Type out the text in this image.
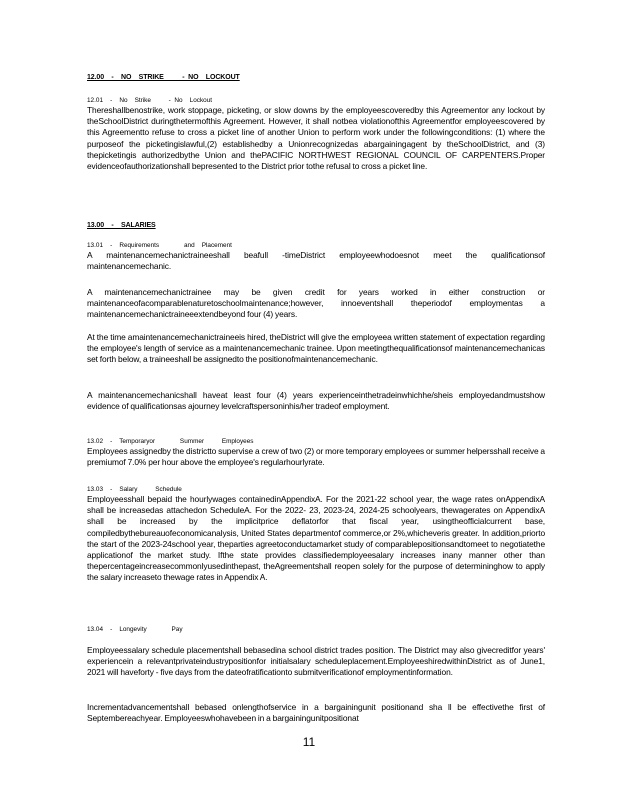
12.00    -    NO    STRIKE          -  NO    LOCKOUT
12.01    -    No    Strike          -  No    Lockout

Thereshallbenostrike, work stoppage, picketing, or slow downs by the employeescoveredby this Agreementor any lockout by theSchoolDistrict duringthetermofthis Agreement. However, it shall notbea violationofthis Agreementfor employeescovered by this Agreementto refuse to cross a picket line of another Union to perform work under the followingconditions: (1) where the purposeof the picketingislawful,(2) establishedby a Unionrecognizedas abargainingagent by theSchoolDistrict, and (3) thepicketingis authorizedbythe Union and thePACIFIC NORTHWEST REGIONAL COUNCIL OF CARPENTERS.Proper evidenceofauthorizationshall bepresented to the District prior tothe refusal to cross a picket line.

13.00    -    SALARIES
13.01    -    Requirements              and    Placement

A maintenancemechanictraineeshall beafull -timeDistrict employeewhodoesnot meet the qualificationsof maintenancemechanic.

A maintenancemechanictrainee may be given credit for years worked in either construction or maintenanceofacomparablenaturetoschoolmaintenance;however, innoeventshall theperiodof employmentas a maintenancemechanictraineeextendbeyond four (4) years.

At the time amaintenancemechanictraineeis hired, theDistrict will give the employeea written statement of expectation regarding the employee's length of service as a maintenancemechanic trainee. Upon meetingthequalificationsof maintenancemechanicas set forth below, a traineeshall be assignedto the positionofmaintenancemechanic.

A maintenancemechanicshall haveat least four (4) years experienceinthetradeinwhichhe/sheis employedandmustshow evidence of qualificationsas ajourney levelcraftspersoninhis/her tradeof employment.

13.02    -    Temporaryor              Summer          Employees

Employees assignedby the districtto supervise a crew of two (2) or more temporary employees or summer helpersshall receive a premiumof 7.0% per hour above the employee's regularhourlyrate.

13.03    -    Salary          Schedule

Employeesshall bepaid the hourlywages containedinAppendixA. For the 2021-22 school year, the wage rates onAppendixA shall be increasedas attachedon ScheduleA. For the 2022- 23, 2023-24, 2024-25 schoolyears, thewagerates on AppendixA shall be increased by the implicitprice deflatorfor that fiscal year, usingtheofficialcurrent base, compiledbythebureauofeconomicanalysis, United States departmentof commerce,or 2%,whicheveris greater. In addition,priorto the start of the 2023-24school year, theparties agreetoconductamarket study of comparablepositionsandtomeet to negotiatethe applicationof the market study. Ifthe state provides classifiedemployeesalary increases inany manner other than thepercentageincreasecommonlyusedinthepast, theAgreementshall reopen solely for the purpose of determininghow to apply the salary increaseto thewage rates in Appendix A.

13.04    -    Longevity              Pay

Employeessalary schedule placementshall bebasedina school district trades position. The District may also givecreditfor years' experiencein a relevantprivateindustrypositionfor initialsalary scheduleplacement.EmployeeshiredwithinDistrict as of June1, 2021 will haveforty - five days from the dateofratificationto submitverificationof employmentinformation.

Incrementadvancementshall bebased onlengthofservice in a bargainingunit positionand sha ll be effectivethe first of Septembereachyear. Employeeswhohavebeen in a bargainingunitpositionat

11
